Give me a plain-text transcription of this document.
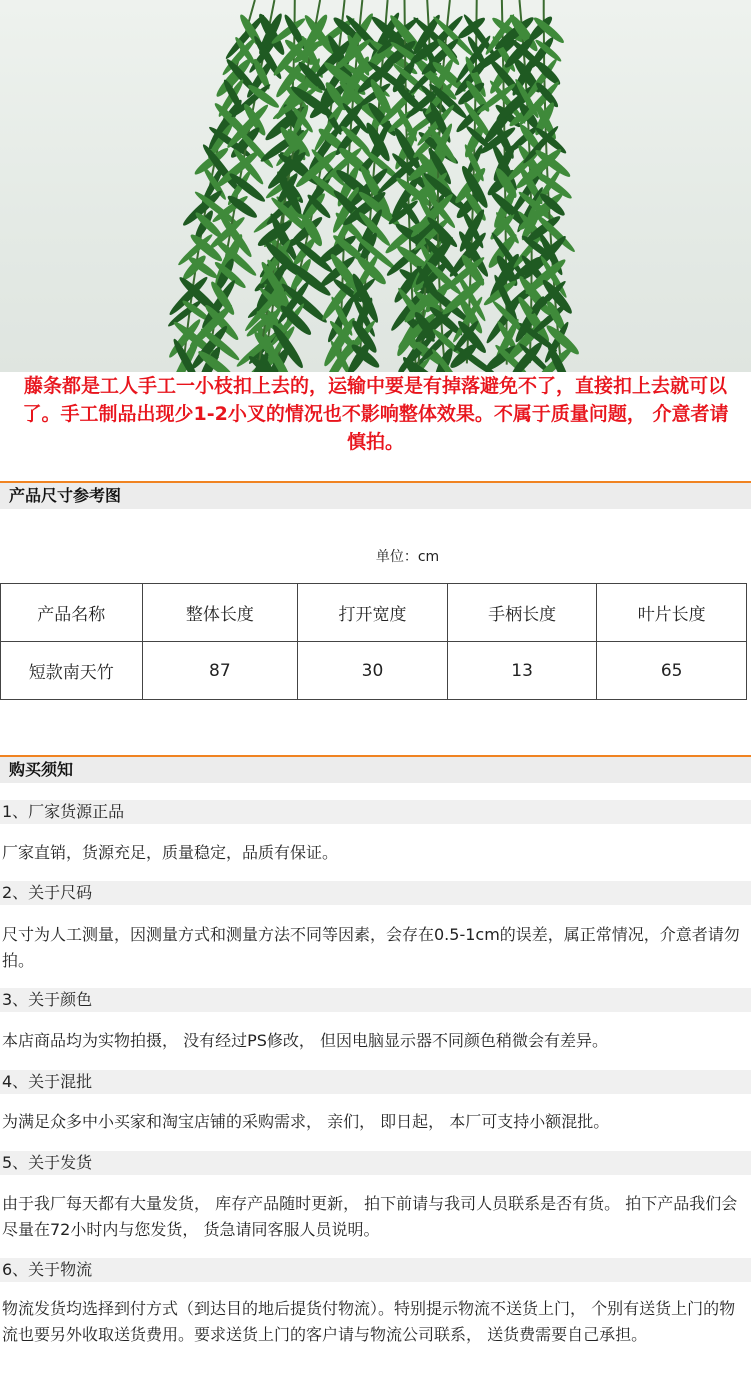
藤条都是工人手工一小枝扣上去的，运输中要是有掉落避免不了，直接扣上去就可以
了。手工制品出现少1-2小叉的情况也不影响整体效果。不属于质量问题， 介意者请
慎拍。
产品尺寸参考图
单位：cm
产品名称	整体长度	打开宽度	手柄长度	叶片长度
短款南天竹	87	30	13	65
购买须知
1、厂家货源正品
厂家直销，货源充足，质量稳定，品质有保证。
2、关于尺码
尺寸为人工测量，因测量方式和测量方法不同等因素，会存在0.5-1cm的误差，属正常情况，介意者请勿拍。
3、关于颜色
本店商品均为实物拍摄， 没有经过PS修改， 但因电脑显示器不同颜色稍微会有差异。
4、关于混批
为满足众多中小买家和淘宝店铺的采购需求， 亲们， 即日起， 本厂可支持小额混批。
5、关于发货
由于我厂每天都有大量发货， 库存产品随时更新， 拍下前请与我司人员联系是否有货。 拍下产品我们会尽量在72小时内与您发货， 货急请同客服人员说明。
6、关于物流
物流发货均选择到付方式（到达目的地后提货付物流）。特别提示物流不送货上门， 个别有送货上门的物流也要另外收取送货费用。要求送货上门的客户请与物流公司联系， 送货费需要自己承担。
